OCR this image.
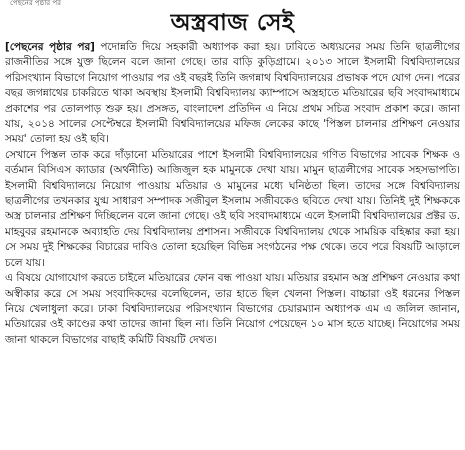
পেছনের পৃষ্ঠার পর
অস্ত্রবাজ সেই

[পেছনের পৃষ্ঠার পর] পদোন্নতি দিয়ে সহকারী অধ্যাপক করা হয়। ঢাবিতে অধ্যয়নের সময় তিনি ছাত্রলীগের রাজনীতির সঙ্গে যুক্ত ছিলেন বলে জানা গেছে। তার বাড়ি কুড়িগ্রামে। ২০১৩ সালে ইসলামী বিশ্ববিদ্যালয়ের পরিসংখ্যান বিভাগে নিয়োগ পাওয়ার পর ওই বছরই তিনি জগন্নাথ বিশ্ববিদ্যালয়ের প্রভাষক পদে যোগ দেন। পরের বছর জগন্নাথের চাকরিতে থাকা অবস্থায় ইসলামী বিশ্ববিদ্যালয় ক্যাম্পাসে অস্ত্রহাতে মতিয়ারের ছবি সংবাদমাধ্যমে প্রকাশের পর তোলপাড় শুরু হয়। প্রসঙ্গত, বাংলাদেশ প্রতিদিন এ নিয়ে প্রথম সচিত্র সংবাদ প্রকাশ করে। জানা যায়, ২০১৪ সালের সেপ্টেম্বরে ইসলামী বিশ্ববিদ্যালয়ের মফিজ লেকের কাছে 'পিস্তল চালনার প্রশিক্ষণ নেওয়ার সময়' তোলা হয় ওই ছবি।

সেখানে পিস্তল তাক করে দাঁড়ানো মতিয়ারের পাশে ইসলামী বিশ্ববিদ্যালয়ের গণিত বিভাগের সাবেক শিক্ষক ও বর্তমান বিসিএস ক্যাডার (অর্থনীতি) আজিজুল হক মামুনকে দেখা যায়। মামুন ছাত্রলীগের সাবেক সহসভাপতি। ইসলামী বিশ্ববিদ্যালয়ে নিয়োগ পাওয়ায় মতিয়ার ও মামুনের মধ্যে ঘনিষ্ঠতা ছিল। তাদের সঙ্গে বিশ্ববিদ্যালয় ছাত্রলীগের তখনকার যুগ্ম সাধারণ সম্পাদক সজীবুল ইসলাম সজীবকেও ছবিতে দেখা যায়। তিনিই দুই শিক্ষককে অস্ত্র চালনার প্রশিক্ষণ দিচ্ছিলেন বলে জানা গেছে। ওই ছবি সংবাদমাধ্যমে এলে ইসলামী বিশ্ববিদ্যালয়ের প্রক্টর ড. মাহবুবর রহমানকে অব্যাহতি দেয় বিশ্ববিদ্যালয় প্রশাসন। সজীবকে বিশ্ববিদ্যালয় থেকে সাময়িক বহিষ্কার করা হয়। সে সময় দুই শিক্ষকের বিচারের দাবিও তোলা হয়েছিল বিভিন্ন সংগঠনের পক্ষ থেকে। তবে পরে বিষয়টি আড়ালে চলে যায়।

এ বিষয়ে যোগাযোগ করতে চাইলে মতিয়ারের ফোন বন্ধ পাওয়া যায়। মতিয়ার রহমান অস্ত্র প্রশিক্ষণ নেওয়ার কথা অস্বীকার করে সে সময় সংবাদিকদের বলেছিলেন, তার হাতে ছিল খেলনা পিস্তল। বাচ্চারা ওই ধরনের পিস্তল নিয়ে খেলাধুলা করে। ঢাকা বিশ্ববিদ্যালয়ের পরিসংখ্যান বিভাগের চেয়ারম্যান অধ্যাপক এম এ জলিল জানান, মতিয়ারের ওই কাণ্ডের কথা তাদের জানা ছিল না। তিনি নিয়োগ পেয়েছেন ১০ মাস হতে যাচ্ছে। নিয়োগের সময় জানা থাকলে বিভাগের বাছাই কমিটি বিষয়টি দেখত।
